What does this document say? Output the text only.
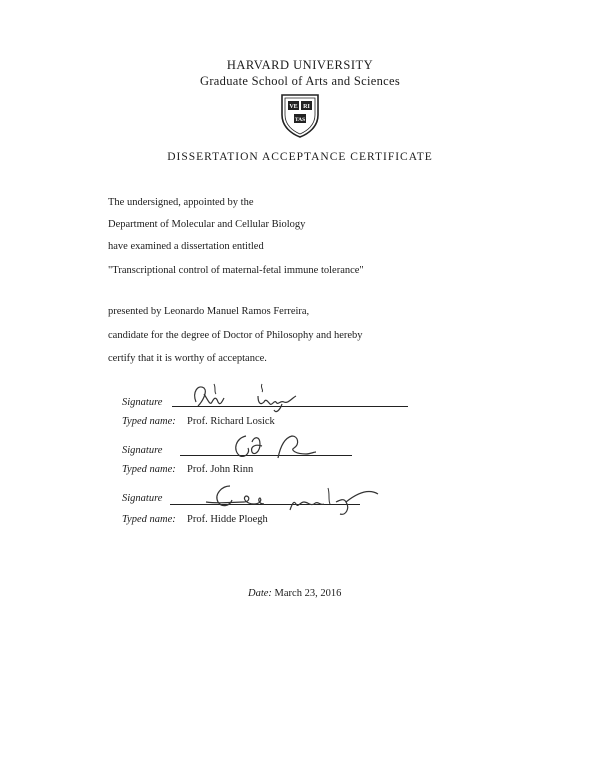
HARVARD UNIVERSITY
Graduate School of Arts and Sciences
VE RI
TAS
DISSERTATION ACCEPTANCE CERTIFICATE
The undersigned, appointed by the
Department of Molecular and Cellular Biology
have examined a dissertation entitled
"Transcriptional control of maternal-fetal immune tolerance"
presented by Leonardo Manuel Ramos Ferreira,
candidate for the degree of Doctor of Philosophy and hereby
certify that it is worthy of acceptance.
Signature
Typed name: Prof. Richard Losick
Signature
Typed name: Prof. John Rinn
Signature
Typed name: Prof. Hidde Ploegh
Date: March 23, 2016
